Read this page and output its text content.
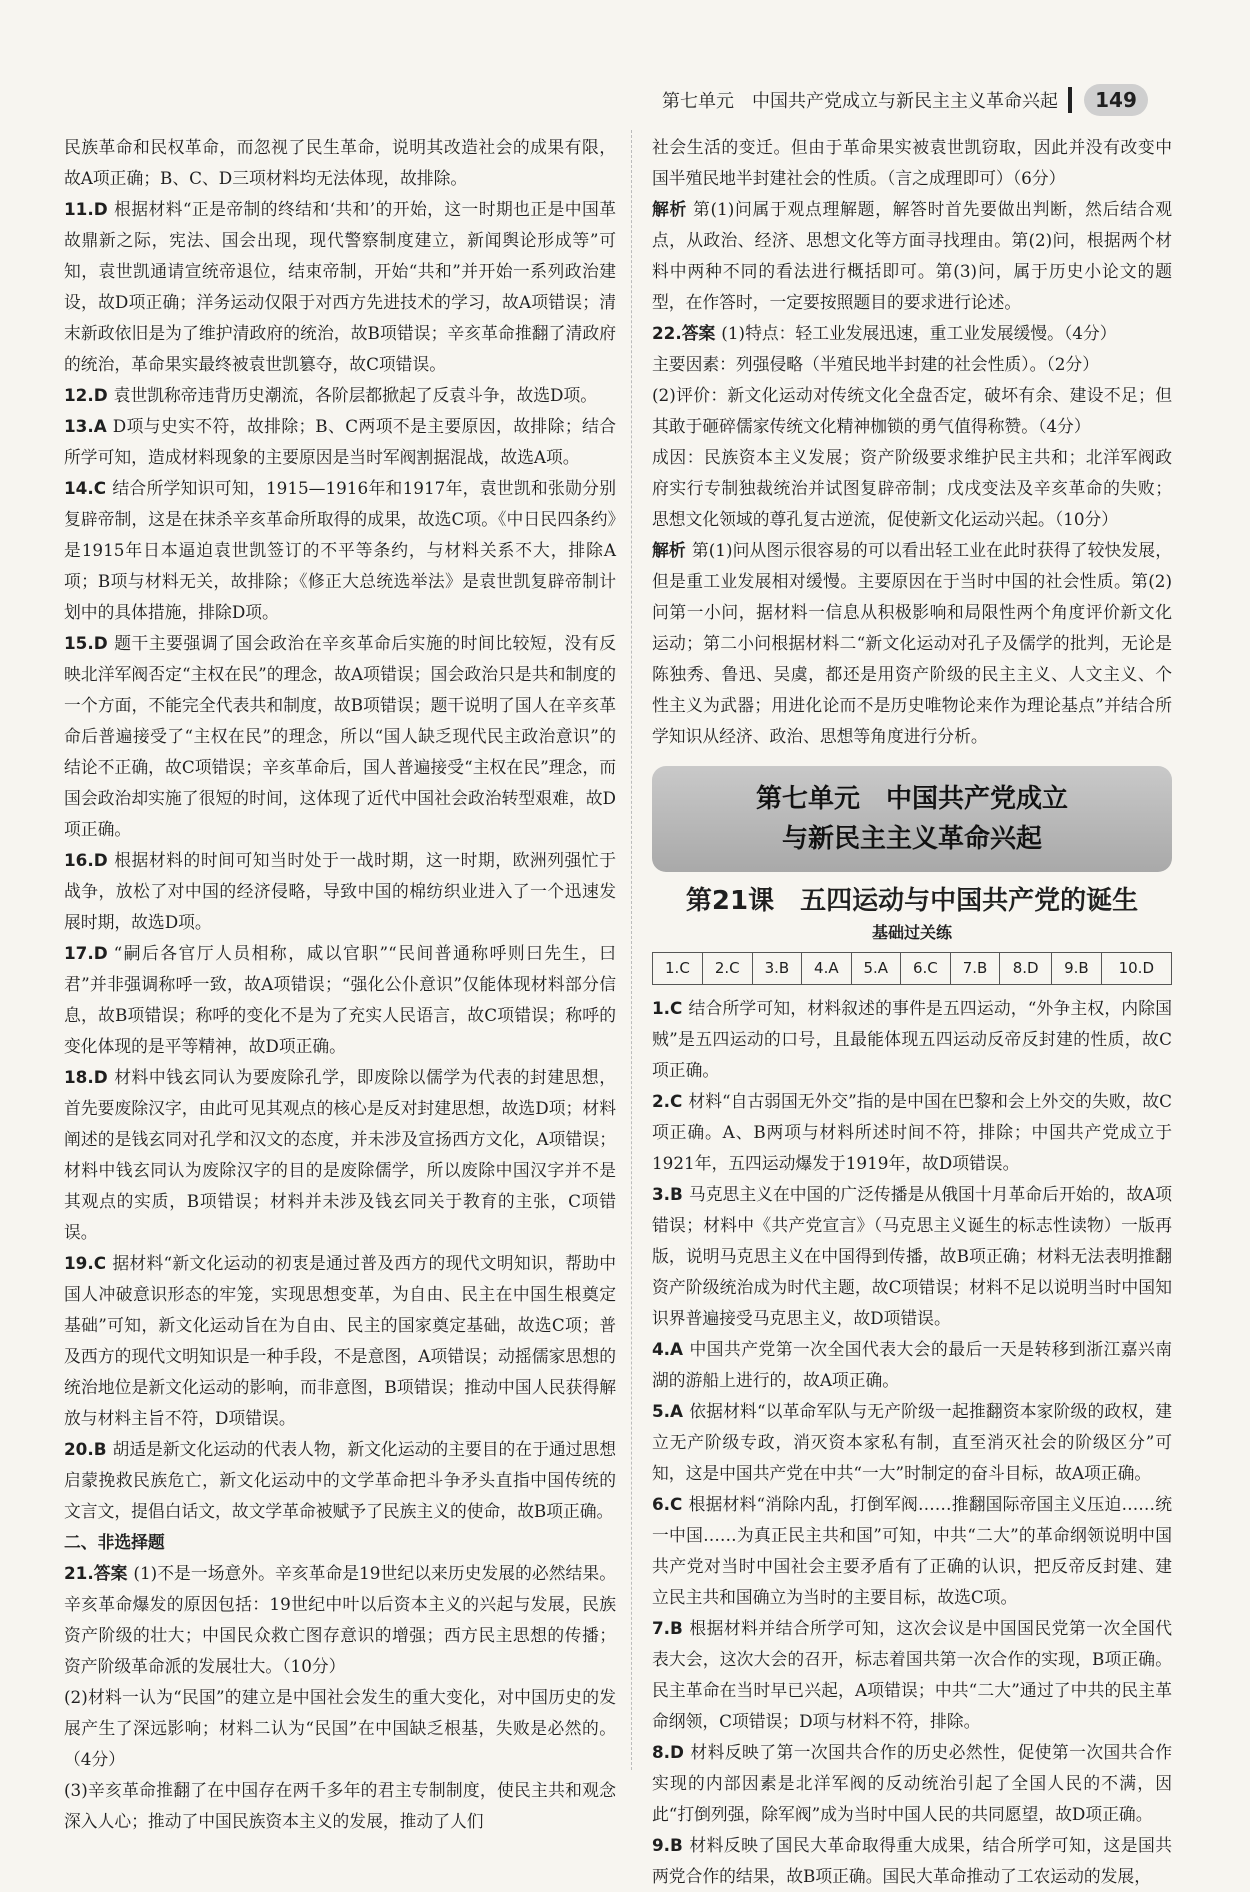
第七单元 中国共产党成立与新民主主义革命兴起	149

民族革命和民权革命，而忽视了民生革命，说明其改造社会的成果有限，故A项正确；B、C、D三项材料均无法体现，故排除。

11.D 根据材料“正是帝制的终结和‘共和’的开始，这一时期也正是中国革故鼎新之际，宪法、国会出现，现代警察制度建立，新闻舆论形成等”可知，袁世凯通请宣统帝退位，结束帝制，开始“共和”并开始一系列政治建设，故D项正确；洋务运动仅限于对西方先进技术的学习，故A项错误；清末新政依旧是为了维护清政府的统治，故B项错误；辛亥革命推翻了清政府的统治，革命果实最终被袁世凯篡夺，故C项错误。

12.D 袁世凯称帝违背历史潮流，各阶层都掀起了反袁斗争，故选D项。

13.A D项与史实不符，故排除；B、C两项不是主要原因，故排除；结合所学可知，造成材料现象的主要原因是当时军阀割据混战，故选A项。

14.C 结合所学知识可知，1915—1916年和1917年，袁世凯和张勋分别复辟帝制，这是在抹杀辛亥革命所取得的成果，故选C项。《中日民四条约》是1915年日本逼迫袁世凯签订的不平等条约，与材料关系不大，排除A项；B项与材料无关，故排除；《修正大总统选举法》是袁世凯复辟帝制计划中的具体措施，排除D项。

15.D 题干主要强调了国会政治在辛亥革命后实施的时间比较短，没有反映北洋军阀否定“主权在民”的理念，故A项错误；国会政治只是共和制度的一个方面，不能完全代表共和制度，故B项错误；题干说明了国人在辛亥革命后普遍接受了“主权在民”的理念，所以“国人缺乏现代民主政治意识”的结论不正确，故C项错误；辛亥革命后，国人普遍接受“主权在民”理念，而国会政治却实施了很短的时间，这体现了近代中国社会政治转型艰难，故D项正确。

16.D 根据材料的时间可知当时处于一战时期，这一时期，欧洲列强忙于战争，放松了对中国的经济侵略，导致中国的棉纺织业进入了一个迅速发展时期，故选D项。

17.D “嗣后各官厅人员相称，咸以官职”“民间普通称呼则曰先生，曰君”并非强调称呼一致，故A项错误；“强化公仆意识”仅能体现材料部分信息，故B项错误；称呼的变化不是为了充实人民语言，故C项错误；称呼的变化体现的是平等精神，故D项正确。

18.D 材料中钱玄同认为要废除孔学，即废除以儒学为代表的封建思想，首先要废除汉字，由此可见其观点的核心是反对封建思想，故选D项；材料阐述的是钱玄同对孔学和汉文的态度，并未涉及宣扬西方文化，A项错误；材料中钱玄同认为废除汉字的目的是废除儒学，所以废除中国汉字并不是其观点的实质，B项错误；材料并未涉及钱玄同关于教育的主张，C项错误。

19.C 据材料“新文化运动的初衷是通过普及西方的现代文明知识，帮助中国人冲破意识形态的牢笼，实现思想变革，为自由、民主在中国生根奠定基础”可知，新文化运动旨在为自由、民主的国家奠定基础，故选C项；普及西方的现代文明知识是一种手段，不是意图，A项错误；动摇儒家思想的统治地位是新文化运动的影响，而非意图，B项错误；推动中国人民获得解放与材料主旨不符，D项错误。

20.B 胡适是新文化运动的代表人物，新文化运动的主要目的在于通过思想启蒙挽救民族危亡，新文化运动中的文学革命把斗争矛头直指中国传统的文言文，提倡白话文，故文学革命被赋予了民族主义的使命，故B项正确。

二、非选择题

21.答案 (1)不是一场意外。辛亥革命是19世纪以来历史发展的必然结果。辛亥革命爆发的原因包括：19世纪中叶以后资本主义的兴起与发展，民族资产阶级的壮大；中国民众救亡图存意识的增强；西方民主思想的传播；资产阶级革命派的发展壮大。（10分）

(2)材料一认为“民国”的建立是中国社会发生的重大变化，对中国历史的发展产生了深远影响；材料二认为“民国”在中国缺乏根基，失败是必然的。（4分）

(3)辛亥革命推翻了在中国存在两千多年的君主专制制度，使民主共和观念深入人心；推动了中国民族资本主义的发展，推动了人们

社会生活的变迁。但由于革命果实被袁世凯窃取，因此并没有改变中国半殖民地半封建社会的性质。（言之成理即可）（6分）

解析 第(1)问属于观点理解题，解答时首先要做出判断，然后结合观点，从政治、经济、思想文化等方面寻找理由。第(2)问，根据两个材料中两种不同的看法进行概括即可。第(3)问，属于历史小论文的题型，在作答时，一定要按照题目的要求进行论述。

22.答案 (1)特点：轻工业发展迅速，重工业发展缓慢。（4分）

主要因素：列强侵略（半殖民地半封建的社会性质）。（2分）

(2)评价：新文化运动对传统文化全盘否定，破坏有余、建设不足；但其敢于砸碎儒家传统文化精神枷锁的勇气值得称赞。（4分）

成因：民族资本主义发展；资产阶级要求维护民主共和；北洋军阀政府实行专制独裁统治并试图复辟帝制；戊戌变法及辛亥革命的失败；思想文化领域的尊孔复古逆流，促使新文化运动兴起。（10分）

解析 第(1)问从图示很容易的可以看出轻工业在此时获得了较快发展，但是重工业发展相对缓慢。主要原因在于当时中国的社会性质。第(2)问第一小问，据材料一信息从积极影响和局限性两个角度评价新文化运动；第二小问根据材料二“新文化运动对孔子及儒学的批判，无论是陈独秀、鲁迅、吴虞，都还是用资产阶级的民主主义、人文主义、个性主义为武器；用进化论而不是历史唯物论来作为理论基点”并结合所学知识从经济、政治、思想等角度进行分析。

第七单元　中国共产党成立
与新民主主义革命兴起
第21课　五四运动与中国共产党的诞生
基础过关练
1.C	2.C	3.B	4.A	5.A	6.C	7.B	8.D	9.B	10.D

1.C 结合所学可知，材料叙述的事件是五四运动，“外争主权，内除国贼”是五四运动的口号，且最能体现五四运动反帝反封建的性质，故C项正确。

2.C 材料“自古弱国无外交”指的是中国在巴黎和会上外交的失败，故C项正确。A、B两项与材料所述时间不符，排除；中国共产党成立于1921年，五四运动爆发于1919年，故D项错误。

3.B 马克思主义在中国的广泛传播是从俄国十月革命后开始的，故A项错误；材料中《共产党宣言》（马克思主义诞生的标志性读物）一版再版，说明马克思主义在中国得到传播，故B项正确；材料无法表明推翻资产阶级统治成为时代主题，故C项错误；材料不足以说明当时中国知识界普遍接受马克思主义，故D项错误。

4.A 中国共产党第一次全国代表大会的最后一天是转移到浙江嘉兴南湖的游船上进行的，故A项正确。

5.A 依据材料“以革命军队与无产阶级一起推翻资本家阶级的政权，建立无产阶级专政，消灭资本家私有制，直至消灭社会的阶级区分”可知，这是中国共产党在中共“一大”时制定的奋斗目标，故A项正确。

6.C 根据材料“消除内乱，打倒军阀……推翻国际帝国主义压迫……统一中国……为真正民主共和国”可知，中共“二大”的革命纲领说明中国共产党对当时中国社会主要矛盾有了正确的认识，把反帝反封建、建立民主共和国确立为当时的主要目标，故选C项。

7.B 根据材料并结合所学可知，这次会议是中国国民党第一次全国代表大会，这次大会的召开，标志着国共第一次合作的实现，B项正确。民主革命在当时早已兴起，A项错误；中共“二大”通过了中共的民主革命纲领，C项错误；D项与材料不符，排除。

8.D 材料反映了第一次国共合作的历史必然性，促使第一次国共合作实现的内部因素是北洋军阀的反动统治引起了全国人民的不满，因此“打倒列强，除军阀”成为当时中国人民的共同愿望，故D项正确。

9.B 材料反映了国民大革命取得重大成果，结合所学可知，这是国共两党合作的结果，故B项正确。国民大革命推动了工农运动的发展，
